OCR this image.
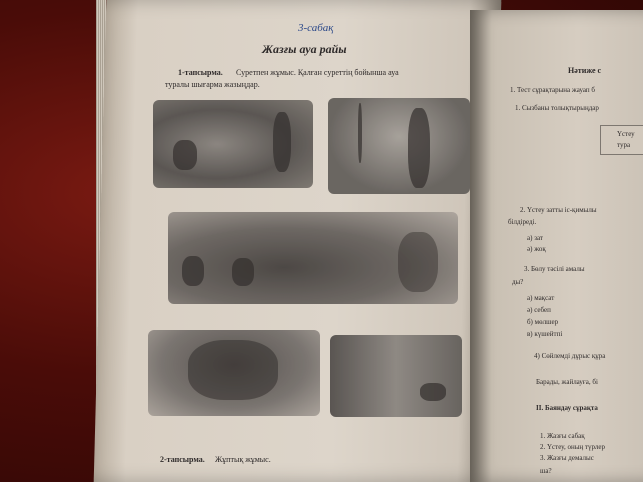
3-сабақ
Жазғы ауа райы
1-тапсырма. Суретпен жұмыс. Қалған суреттің бойынша ауа
туралы шығарма жазыңдар.
2-тапсырма. Жұптық жұмыс.
Нәтиже с
1. Тест сұрақтарына жауап б
1. Сызбаны толықтырыңдар
Үстеу
тура
2. Үстеу затты іс-қимылы
білдіреді.
а) зат
ә) жоқ
3. Бөлу тәсілі амалы
ды?
а) мақсат
ә) себеп
б) мөлшер
в) күшейтпі
4) Сөйлемді дұрыс құра
Барады, жайлауға, бі
II. Баяндау сұрақта
1. Жазғы сабақ
2. Үстеу, оның түрлер
3. Жазғы демалыс
ша?
